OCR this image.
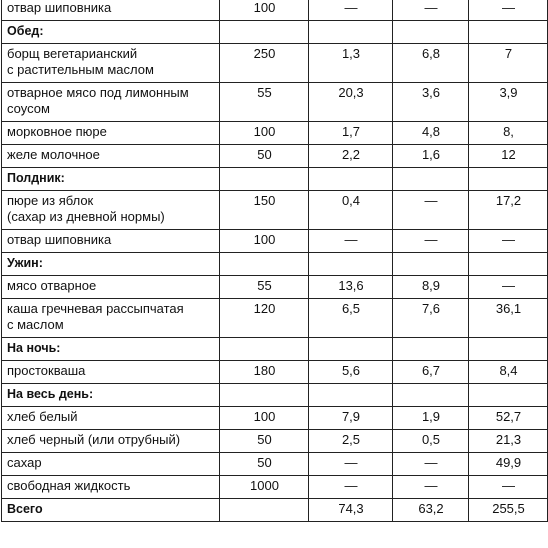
отвар шиповника	100	—	—	—
Обед:				
борщ вегетарианский
с растительным маслом	250	1,3	6,8	7
отварное мясо под лимонным
соусом	55	20,3	3,6	3,9
морковное пюре	100	1,7	4,8	8,
желе молочное	50	2,2	1,6	12
Полдник:				
пюре из яблок
(сахар из дневной нормы)	150	0,4	—	17,2
отвар шиповника	100	—	—	—
Ужин:				
мясо отварное	55	13,6	8,9	—
каша гречневая рассыпчатая
с маслом	120	6,5	7,6	36,1
На ночь:				
простокваша	180	5,6	6,7	8,4
На весь день:				
хлеб белый	100	7,9	1,9	52,7
хлеб черный (или отрубный)	50	2,5	0,5	21,3
сахар	50	—	—	49,9
свободная жидкость	1000	—	—	—
Всего		74,3	63,2	255,5
